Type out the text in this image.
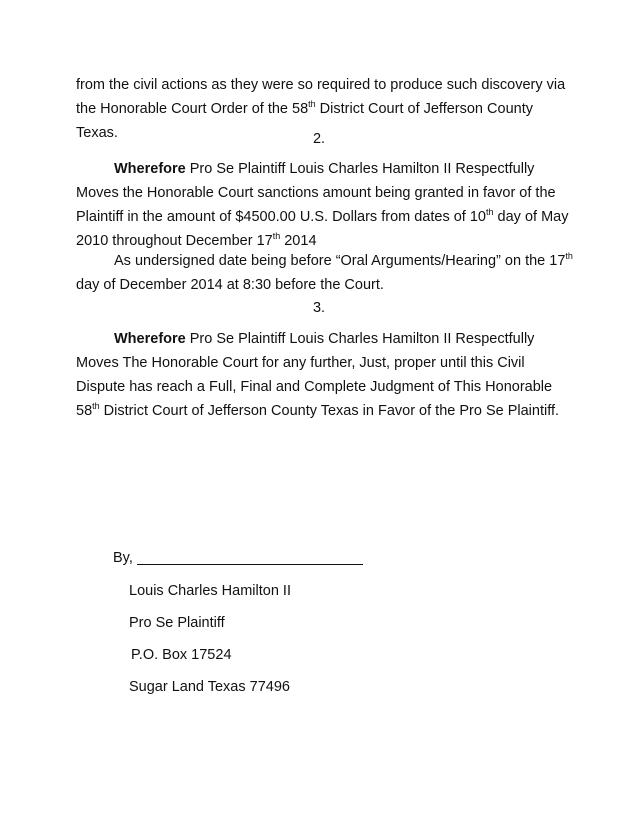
from the civil actions as they were so required to produce such discovery via the Honorable Court Order of the 58th District Court of Jefferson County Texas.	2.

Wherefore Pro Se Plaintiff Louis Charles Hamilton II Respectfully Moves the Honorable Court sanctions amount being granted in favor of the Plaintiff in the amount of $4500.00 U.S. Dollars from dates of 10th day of May 2010 throughout December 17th 2014

As undersigned date being before “Oral Arguments/Hearing” on the 17th day of December 2014 at 8:30 before the Court.

3.

Wherefore Pro Se Plaintiff Louis Charles Hamilton II Respectfully Moves The Honorable Court for any further, Just, proper until this Civil Dispute has reach a Full, Final and Complete Judgment of This Honorable 58th District Court of Jefferson County Texas in Favor of the Pro Se Plaintiff.

By,

Louis Charles Hamilton II

Pro Se Plaintiff

P.O. Box 17524

Sugar Land Texas 77496
